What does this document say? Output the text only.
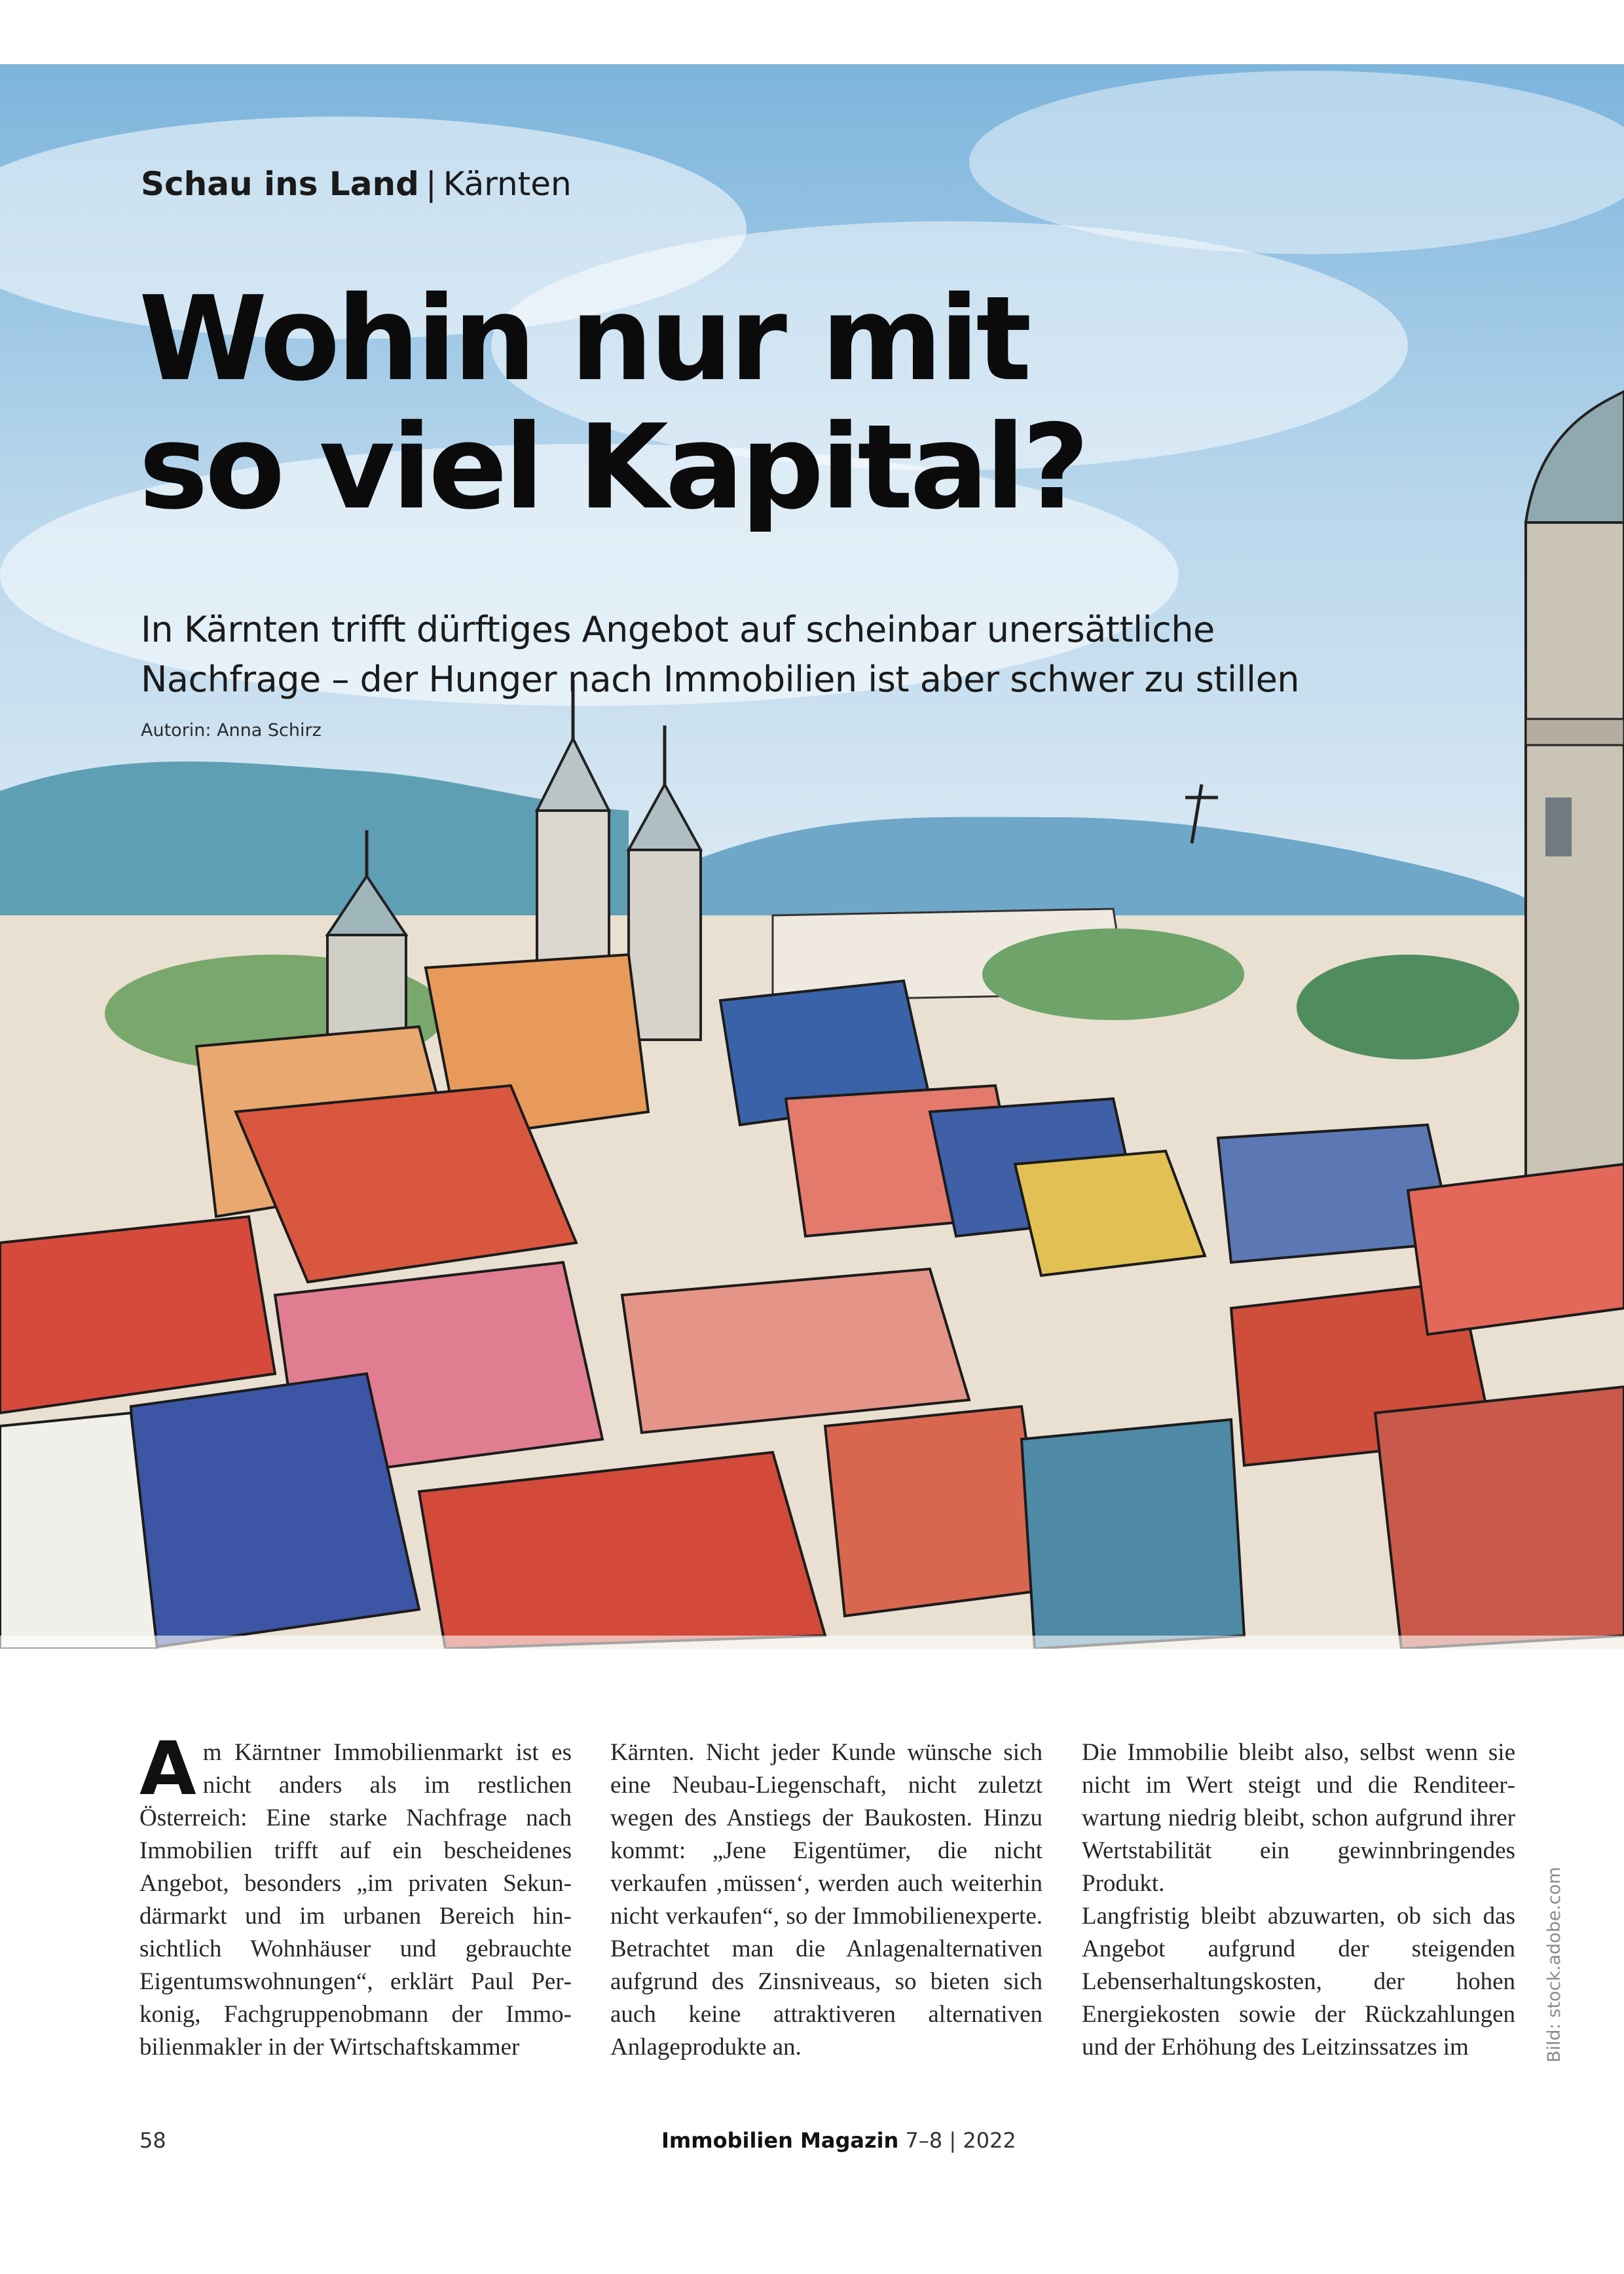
Schau ins Land | Kärnten
Wohin nur mit
so viel Kapital?

In Kärnten trifft dürftiges Angebot auf scheinbar unersättliche
Nachfrage – der Hunger nach Immobilien ist aber schwer zu stillen

Autorin: Anna Schirz

Am Kärntner Immobilienmarkt ist es nicht anders als im restlichen Österreich: Eine starke Nachfrage nach Immobilien trifft auf ein bescheidenes Angebot, besonders „im privaten Sekundärmarkt und im urbanen Bereich hinsichtlich Wohnhäuser und gebrauchte Eigentumswohnungen“, erklärt Paul Perkonig, Fachgruppenobmann der Immobilienmakler in der Wirtschaftskammer

Kärnten. Nicht jeder Kunde wünsche sich eine Neubau-Liegenschaft, nicht zuletzt wegen des Anstiegs der Baukosten. Hinzu kommt: „Jene Eigentümer, die nicht verkaufen ‚müssen‘, werden auch weiterhin nicht verkaufen“, so der Immobilienexperte. Betrachtet man die Anlagenalternativen aufgrund des Zinsniveaus, so bieten sich auch keine attraktiveren alternativen Anlageprodukte an.

Die Immobilie bleibt also, selbst wenn sie nicht im Wert steigt und die Renditeerwartung niedrig bleibt, schon aufgrund ihrer Wertstabilität ein gewinnbringendes Produkt.

Langfristig bleibt abzuwarten, ob sich das Angebot aufgrund der steigenden Lebenserhaltungskosten, der hohen Energiekosten sowie der Rückzahlungen und der Erhöhung des Leitzinssatzes im	Bild: stock.adobe.com
58	Immobilien Magazin 7–8 | 2022
